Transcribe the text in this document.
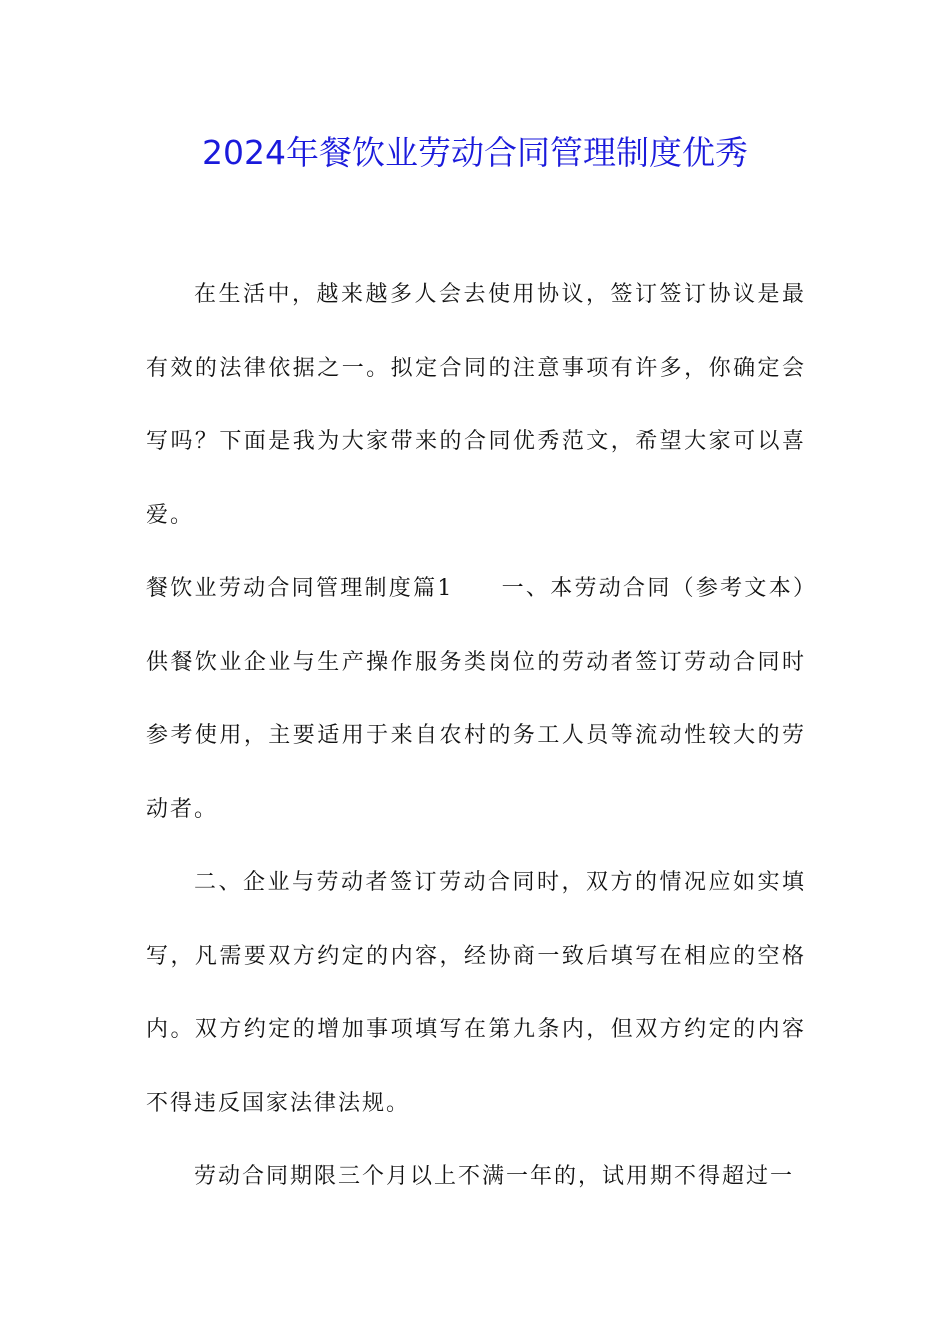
2024年餐饮业劳动合同管理制度优秀

在生活中，越来越多人会去使用协议，签订签订协议是最有效的法律依据之一。拟定合同的注意事项有许多，你确定会写吗？下面是我为大家带来的合同优秀范文，希望大家可以喜爱。

餐饮业劳动合同管理制度篇1 一、本劳动合同（参考文本）供餐饮业企业与生产操作服务类岗位的劳动者签订劳动合同时参考使用，主要适用于来自农村的务工人员等流动性较大的劳动者。

二、企业与劳动者签订劳动合同时，双方的情况应如实填写，凡需要双方约定的内容，经协商一致后填写在相应的空格内。双方约定的增加事项填写在第九条内，但双方约定的内容不得违反国家法律法规。

劳动合同期限三个月以上不满一年的，试用期不得超过一
